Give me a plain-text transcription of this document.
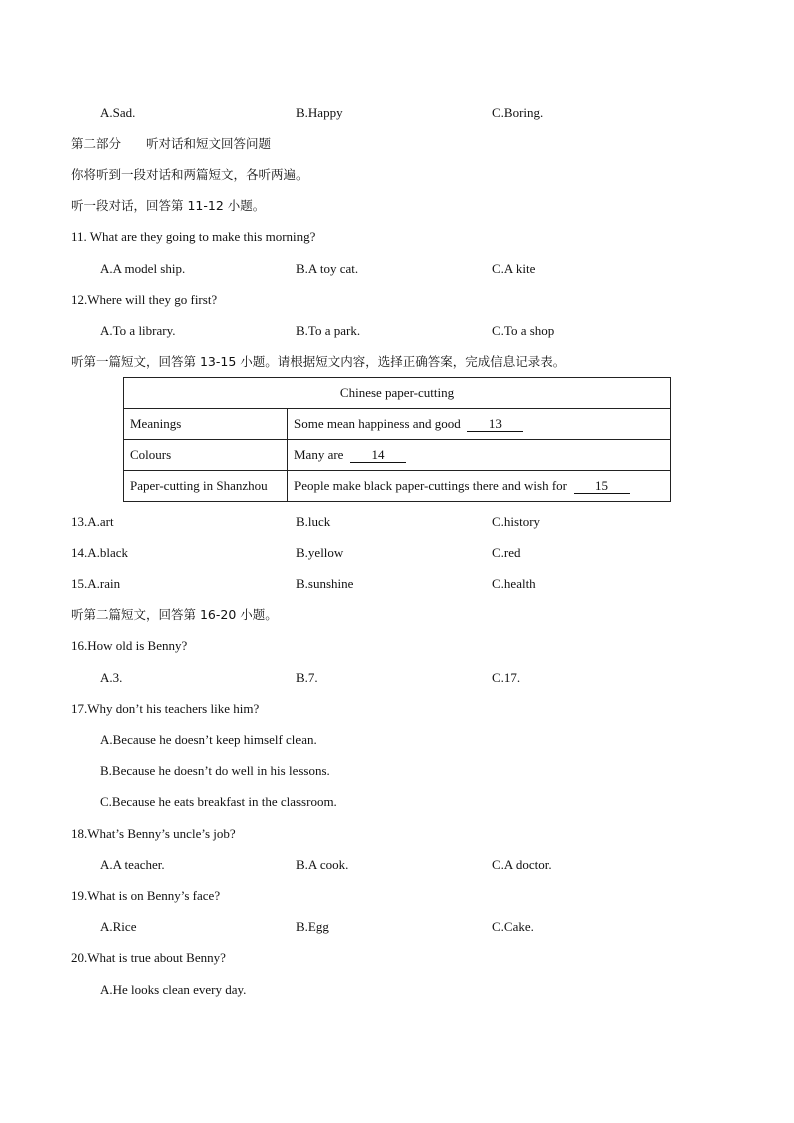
A.Sad.	B.Happy	C.Boring.
第二部分　　听对话和短文回答问题
你将听到一段对话和两篇短文，各听两遍。
听一段对话，回答第 11-12 小题。
11. What are they going to make this morning?
A.A model ship.	B.A toy cat.	C.A kite
12.Where will they go first?
A.To a library.	B.To a park.	C.To a shop
听第一篇短文，回答第 13-15 小题。请根据短文内容，选择正确答案，完成信息记录表。
Chinese paper-cutting	
Meanings	Some mean happiness and good 13
Colours	Many are 14
Paper-cutting in Shanzhou	People make black paper-cuttings there and wish for 15
13.A.art	B.luck	C.history
14.A.black	B.yellow	C.red
15.A.rain	B.sunshine	C.health
听第二篇短文，回答第 16-20 小题。
16.How old is Benny?
A.3.	B.7.	C.17.
17.Why don’t his teachers like him?
A.Because he doesn’t keep himself clean.
B.Because he doesn’t do well in his lessons.
C.Because he eats breakfast in the classroom.
18.What’s Benny’s uncle’s job?
A.A teacher.	B.A cook.	C.A doctor.
19.What is on Benny’s face?
A.Rice	B.Egg	C.Cake.
20.What is true about Benny?
A.He looks clean every day.
